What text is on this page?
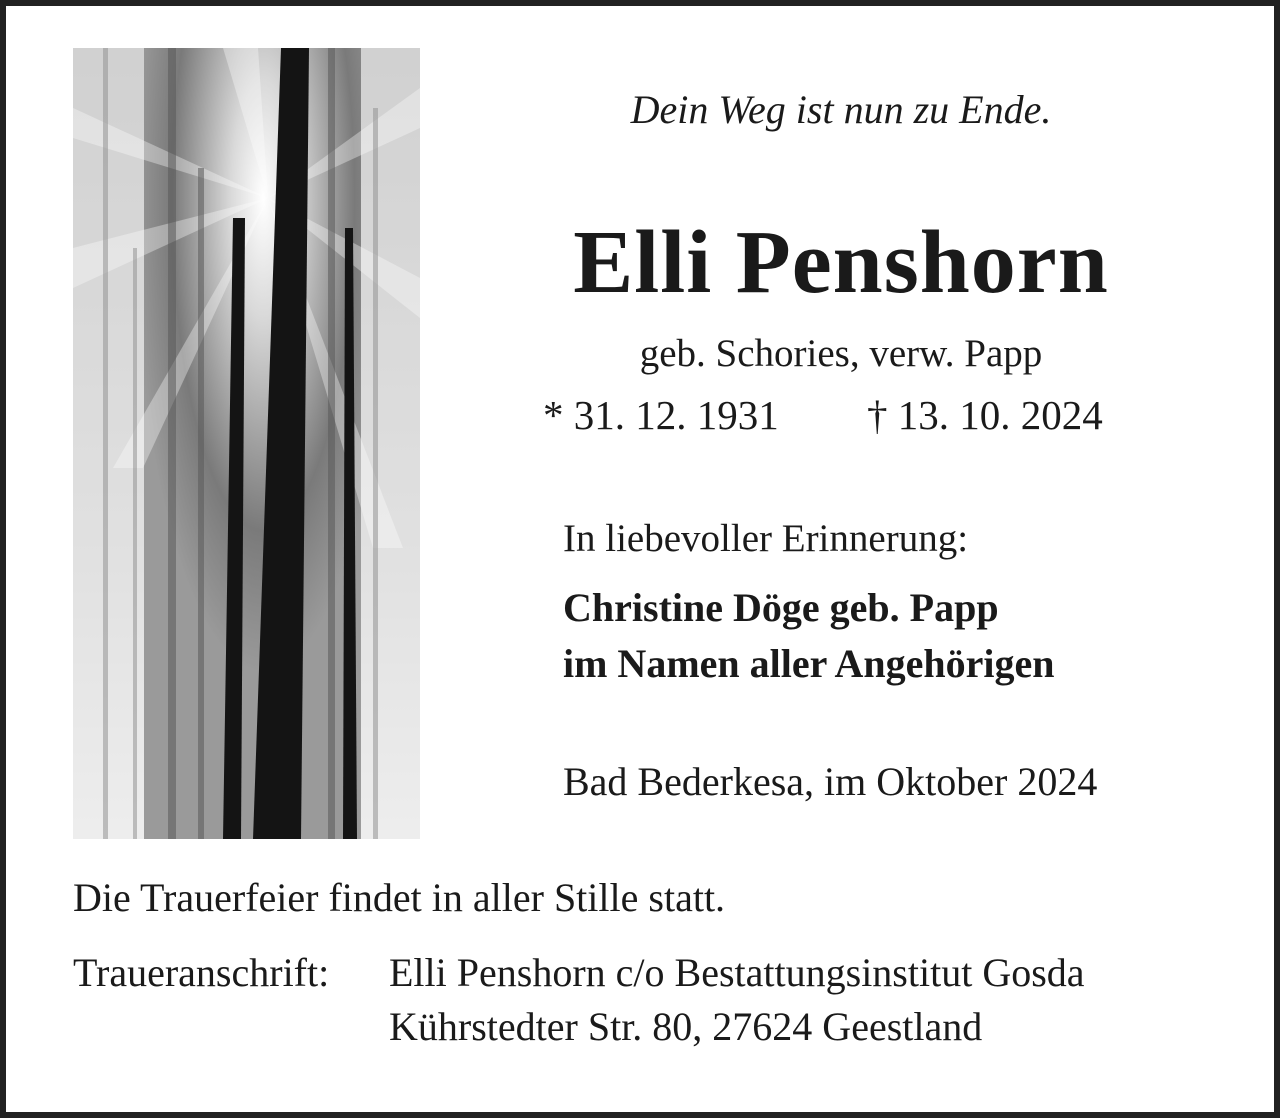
Dein Weg ist nun zu Ende.
Elli Penshorn
geb. Schories, verw. Papp
* 31. 12. 1931 † 13. 10. 2024
In liebevoller Erinnerung:
Christine Döge geb. Papp
im Namen aller Angehörigen
Bad Bederkesa, im Oktober 2024
Die Trauerfeier findet in aller Stille statt.
Traueranschrift: Elli Penshorn c/o Bestattungsinstitut Gosda
Kührstedter Str. 80, 27624 Geestland
